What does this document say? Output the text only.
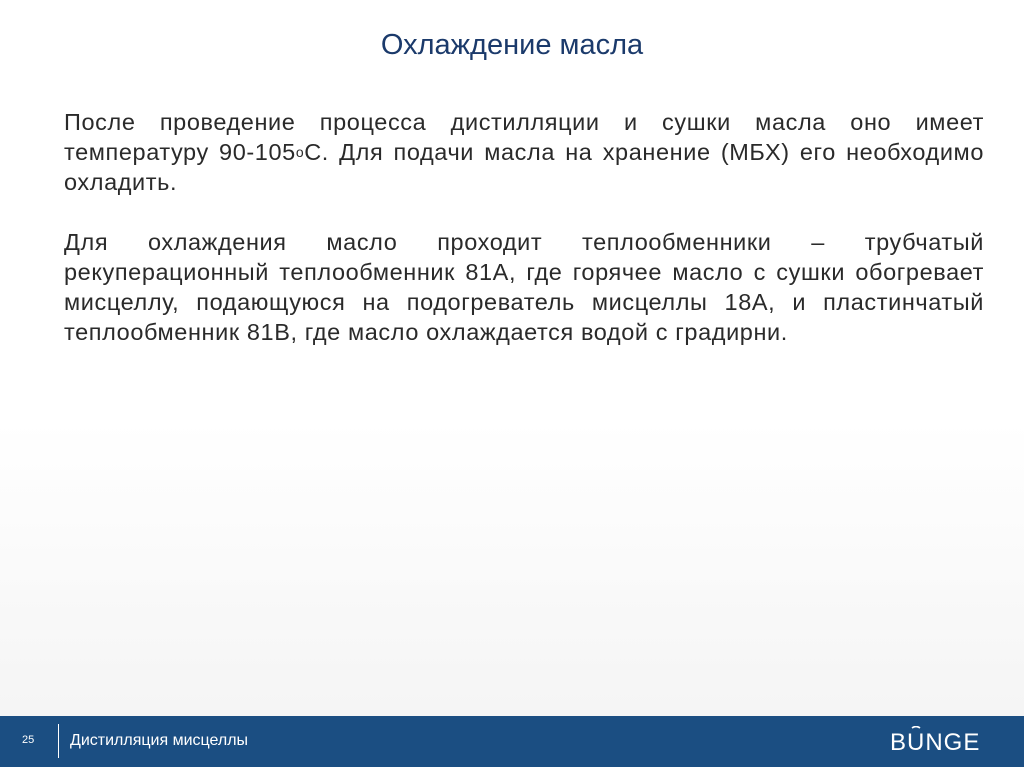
Охлаждение масла

После проведение процесса дистилляции и сушки масла оно имеет температуру 90-105оС. Для подачи масла на хранение (МБХ) его необходимо охладить.

Для охлаждения масло проходит теплообменники – трубчатый рекуперационный теплообменник 81А, где горячее масло с сушки обогревает мисцеллу, подающуюся на подогреватель мисцеллы 18А, и пластинчатый теплообменник 81В, где масло охлаждается водой с градирни.

25 Дистилляция мисцеллы	BUNGE
